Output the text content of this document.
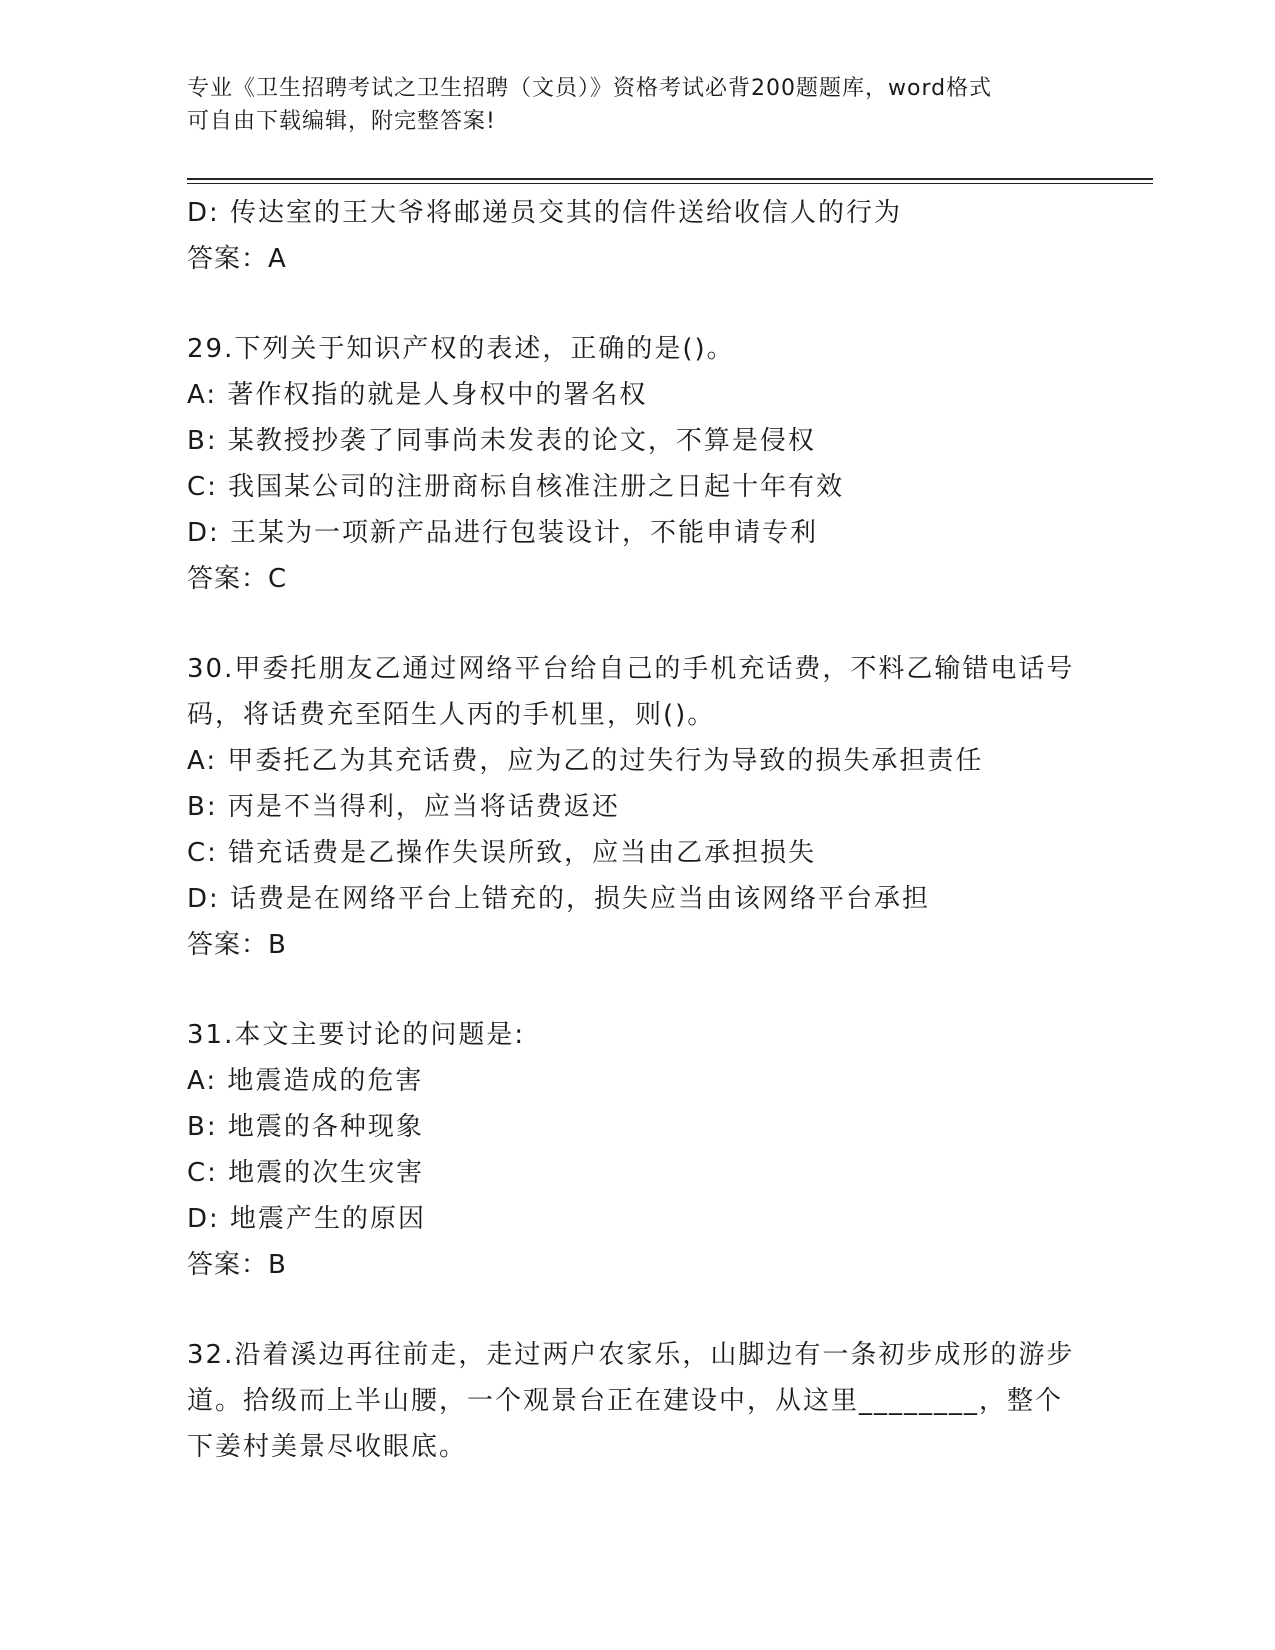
专业《卫生招聘考试之卫生招聘（文员）》资格考试必背200题题库，word格式
可自由下载编辑，附完整答案!
D: 传达室的王大爷将邮递员交其的信件送给收信人的行为
答案：A
29.下列关于知识产权的表述，正确的是()。
A: 著作权指的就是人身权中的署名权
B: 某教授抄袭了同事尚未发表的论文，不算是侵权
C: 我国某公司的注册商标自核准注册之日起十年有效
D: 王某为一项新产品进行包装设计，不能申请专利
答案：C
30.甲委托朋友乙通过网络平台给自己的手机充话费，不料乙输错电话号码，将话费充至陌生人丙的手机里，则()。
A: 甲委托乙为其充话费，应为乙的过失行为导致的损失承担责任
B: 丙是不当得利，应当将话费返还
C: 错充话费是乙操作失误所致，应当由乙承担损失
D: 话费是在网络平台上错充的，损失应当由该网络平台承担
答案：B
31.本文主要讨论的问题是:
A: 地震造成的危害
B: 地震的各种现象
C: 地震的次生灾害
D: 地震产生的原因
答案：B
32.沿着溪边再往前走，走过两户农家乐，山脚边有一条初步成形的游步道。拾级而上半山腰，一个观景台正在建设中，从这里________，整个下姜村美景尽收眼底。
